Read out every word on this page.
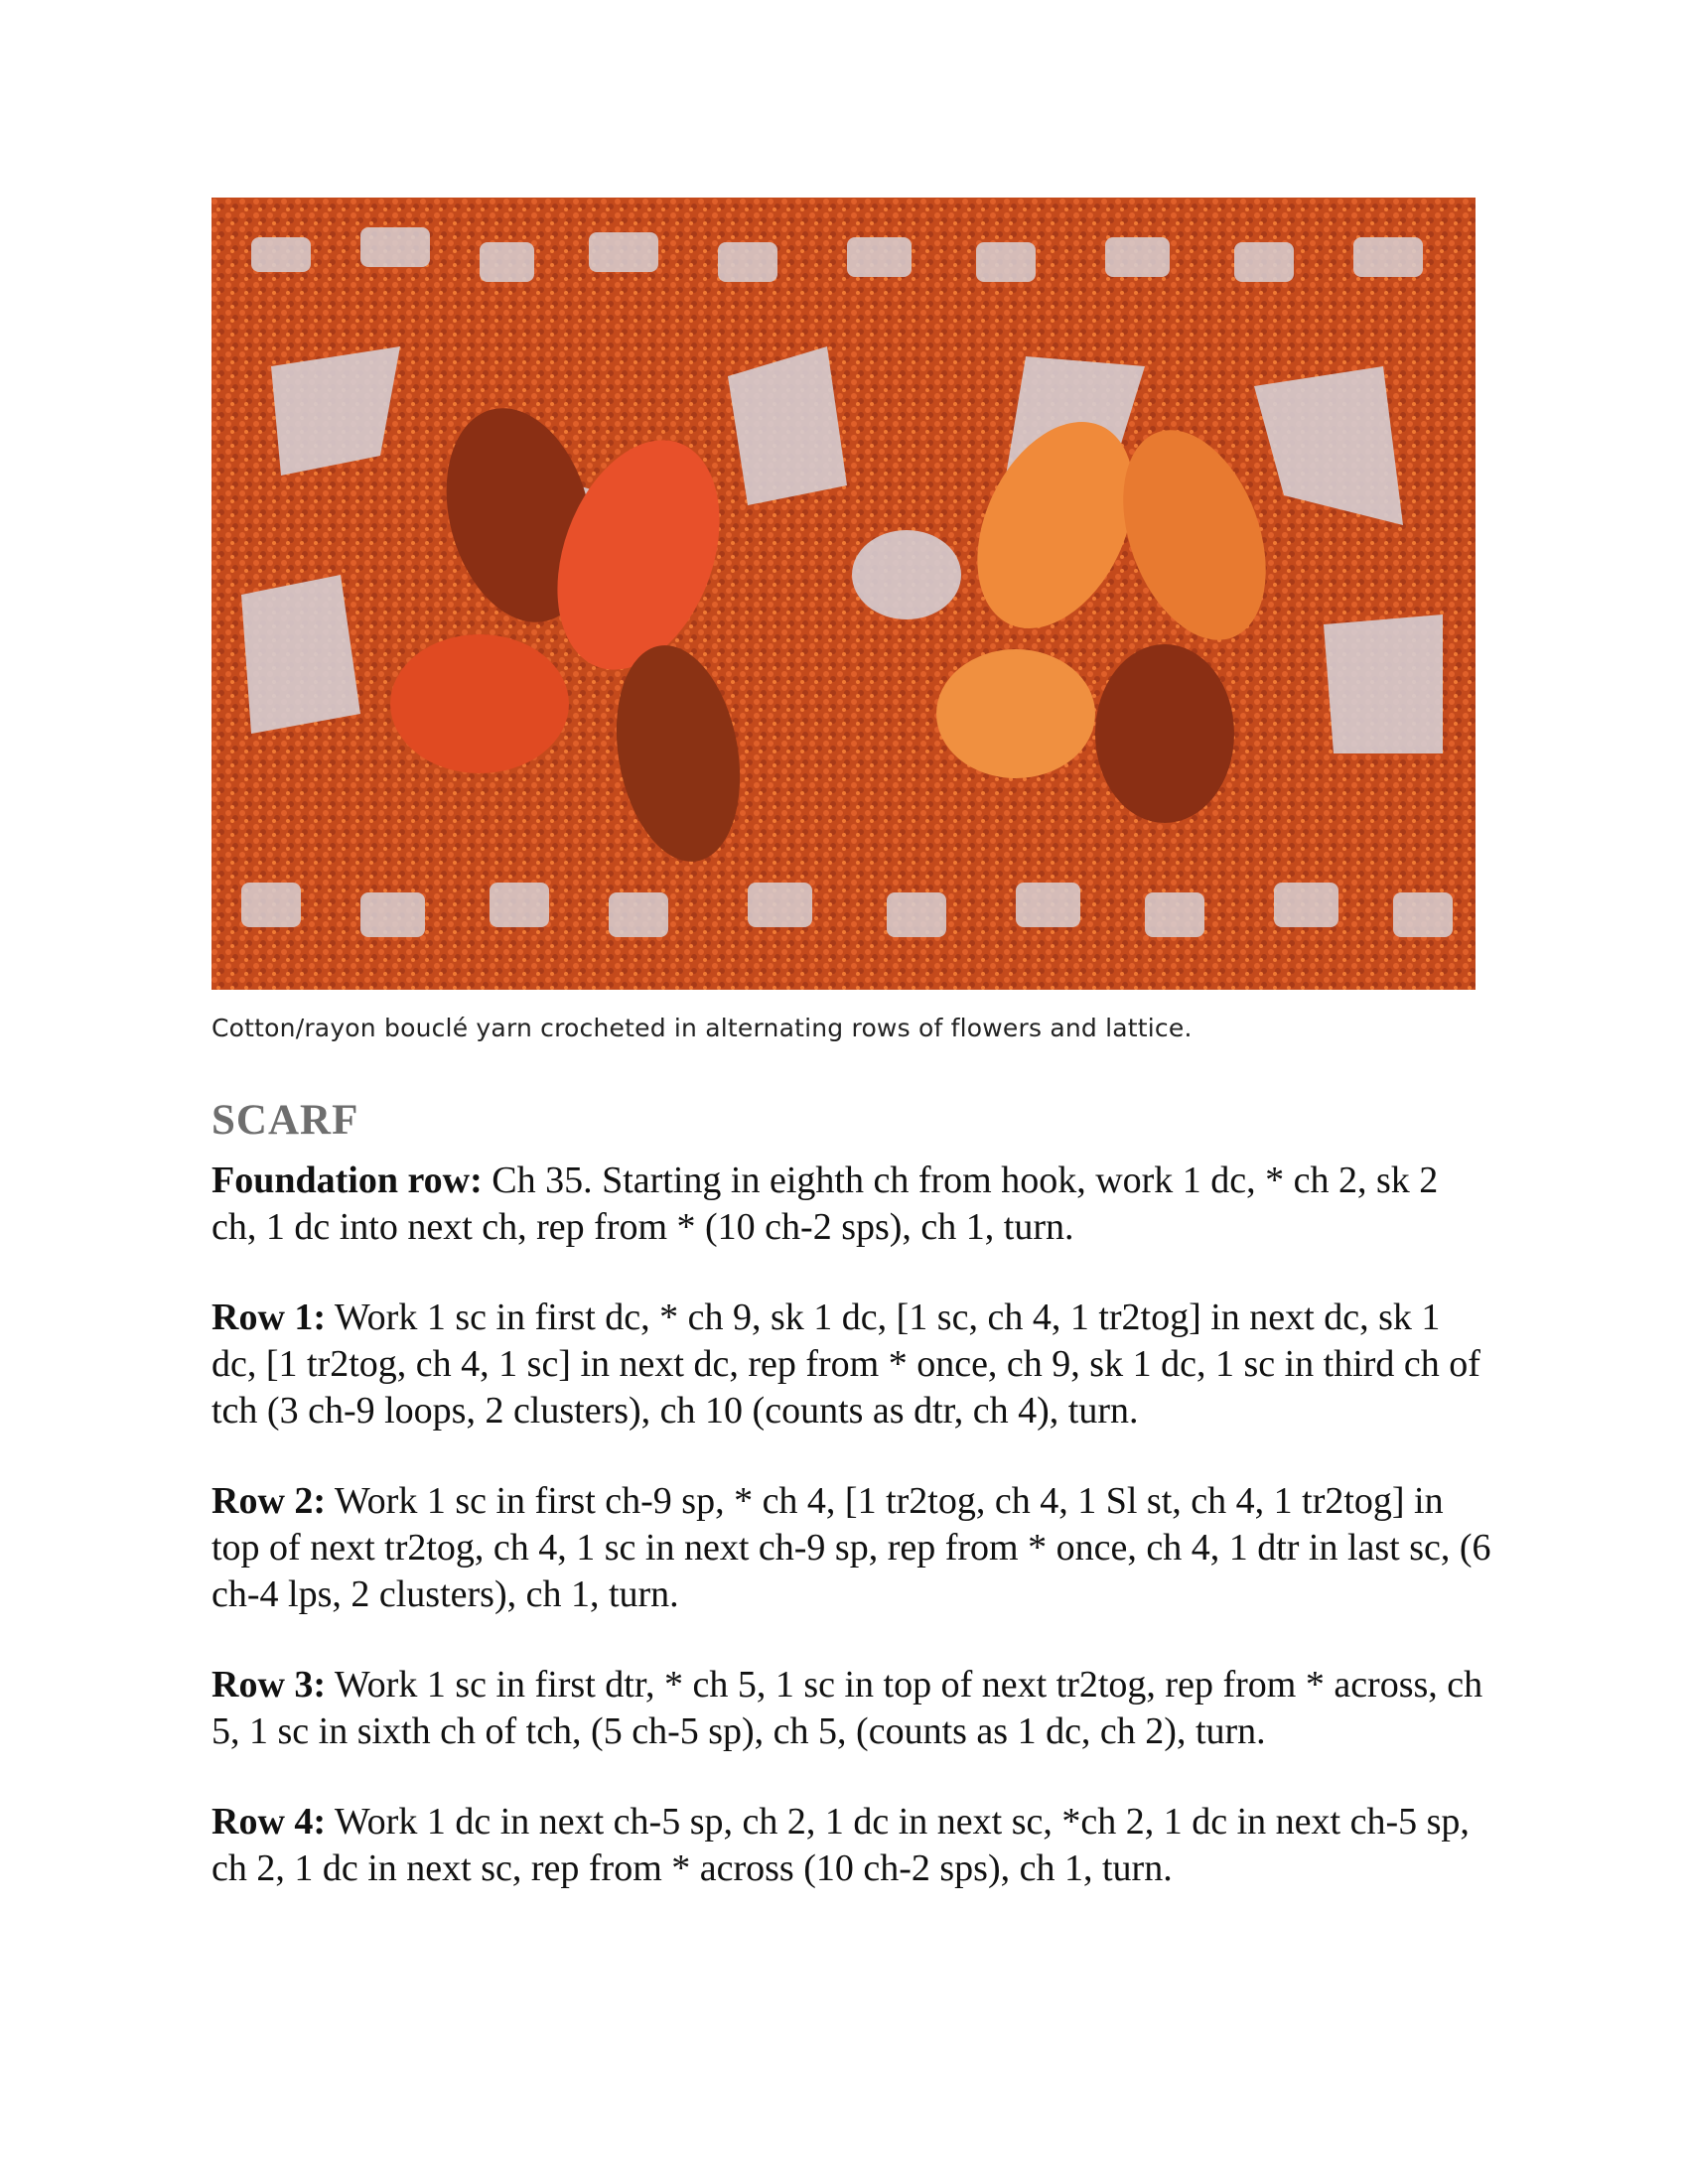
Cotton/rayon bouclé yarn crocheted in alternating rows of flowers and lattice.
SCARF

Foundation row: Ch 35. Starting in eighth ch from hook, work 1 dc, * ch 2, sk 2 ch, 1 dc into next ch, rep from * (10 ch-2 sps), ch 1, turn.

Row 1: Work 1 sc in first dc, * ch 9, sk 1 dc, [1 sc, ch 4, 1 tr2tog] in next dc, sk 1 dc, [1 tr2tog, ch 4, 1 sc] in next dc, rep from * once, ch 9, sk 1 dc, 1 sc in third ch of tch (3 ch-9 loops, 2 clusters), ch 10 (counts as dtr, ch 4), turn.

Row 2: Work 1 sc in first ch-9 sp, * ch 4, [1 tr2tog, ch 4, 1 Sl st, ch 4, 1 tr2tog] in top of next tr2tog, ch 4, 1 sc in next ch-9 sp, rep from * once, ch 4, 1 dtr in last sc, (6 ch-4 lps, 2 clusters), ch 1, turn.

Row 3: Work 1 sc in first dtr, * ch 5, 1 sc in top of next tr2tog, rep from * across, ch 5, 1 sc in sixth ch of tch, (5 ch-5 sp), ch 5, (counts as 1 dc, ch 2), turn.

Row 4: Work 1 dc in next ch-5 sp, ch 2, 1 dc in next sc, *ch 2, 1 dc in next ch-5 sp, ch 2, 1 dc in next sc, rep from * across (10 ch-2 sps), ch 1, turn.
